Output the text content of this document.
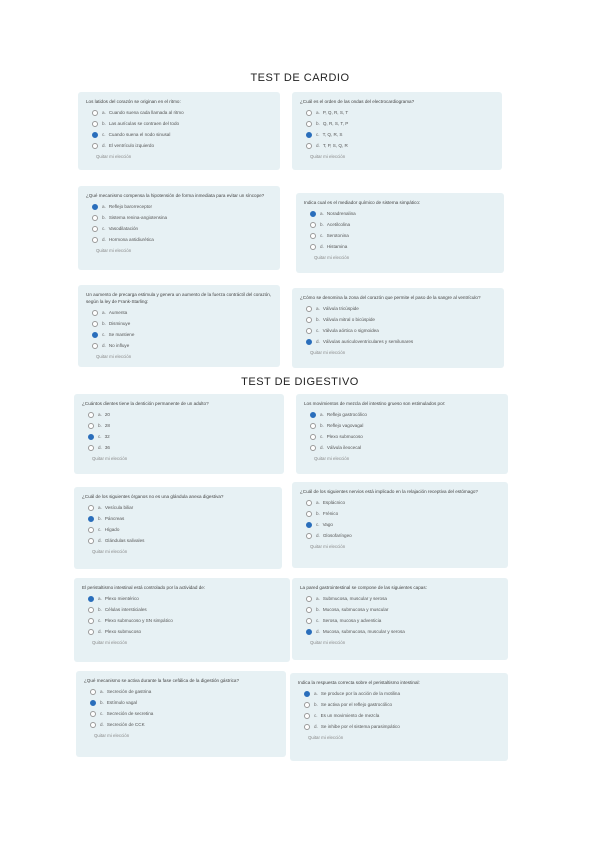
TEST DE CARDIO
Los latidos del corazón se originan en el ritmo:
a. Cuando suena cada llamada al ritmo
b. Las aurículas se contraen del todo
c. Cuando suena el nodo sinusal
d. El ventrículo izquierdo
Quitar mi elección
¿Cuál es el orden de las ondas del electrocardiograma?
a. P, Q, R, S, T
b. Q, R, S, T, P
c. T, Q, R, S
d. T, P, S, Q, R
Quitar mi elección
¿Qué mecanismo compensa la hipotensión de forma inmediata para evitar un síncope?
a. Reflejo barorreceptor
b. Sistema renina-angiotensina
c. Vasodilatación
d. Hormona antidiurética
Quitar mi elección
Indica cual es el mediador químico de sistema simpático:
a. Noradrenalina
b. Acetilcolina
c. Serotonina
d. Histamina
Quitar mi elección
Un aumento de precarga estimula y genera un aumento de la fuerza contráctil del corazón, según la ley de Frank-Starling:
a. Aumenta
b. Disminuye
c. Se mantiene
d. No influye
Quitar mi elección
¿Cómo se denomina la zona del corazón que permite el paso de la sangre al ventrículo?
a. Válvula tricúspide
b. Válvula mitral o bicúspide
c. Válvula aórtica o sigmoidea
d. Válvulas auriculoventriculares y semilunares
Quitar mi elección
TEST DE DIGESTIVO
¿Cuántos dientes tiene la dentición permanente de un adulto?
a. 20
b. 28
c. 32
d. 36
Quitar mi elección
Los movimientos de mezcla del intestino grueso son estimulados por:
a. Reflejo gastrocólico
b. Reflejo vagovagal
c. Plexo submucoso
d. Válvula ileocecal
Quitar mi elección
¿Cuál de los siguientes órganos no es una glándula anexa digestiva?
a. Vesícula biliar
b. Páncreas
c. Hígado
d. Glándulas salivales
Quitar mi elección
¿Cuál de los siguientes nervios está implicado en la relajación receptiva del estómago?
a. Esplácnico
b. Frénico
c. Vago
d. Glosofaríngeo
Quitar mi elección
El peristaltismo intestinal está controlado por la actividad de:
a. Plexo mientérico
b. Células intersticiales
c. Plexo submucoso y SN simpático
d. Plexo submucoso
Quitar mi elección
La pared gastrointestinal se compone de las siguientes capas:
a. Submucosa, muscular y serosa
b. Mucosa, submucosa y muscular
c. Serosa, mucosa y adventicia
d. Mucosa, submucosa, muscular y serosa
Quitar mi elección
¿Qué mecanismo se activa durante la fase cefálica de la digestión gástrica?
a. Secreción de gastrina
b. Estímulo vagal
c. Secreción de secretina
d. Secreción de CCK
Quitar mi elección
Indica la respuesta correcta sobre el peristaltismo intestinal:
a. Se produce por la acción de la motilina
b. Se activa por el reflejo gastrocólico
c. Es un movimiento de mezcla
d. Se inhibe por el sistema parasimpático
Quitar mi elección
